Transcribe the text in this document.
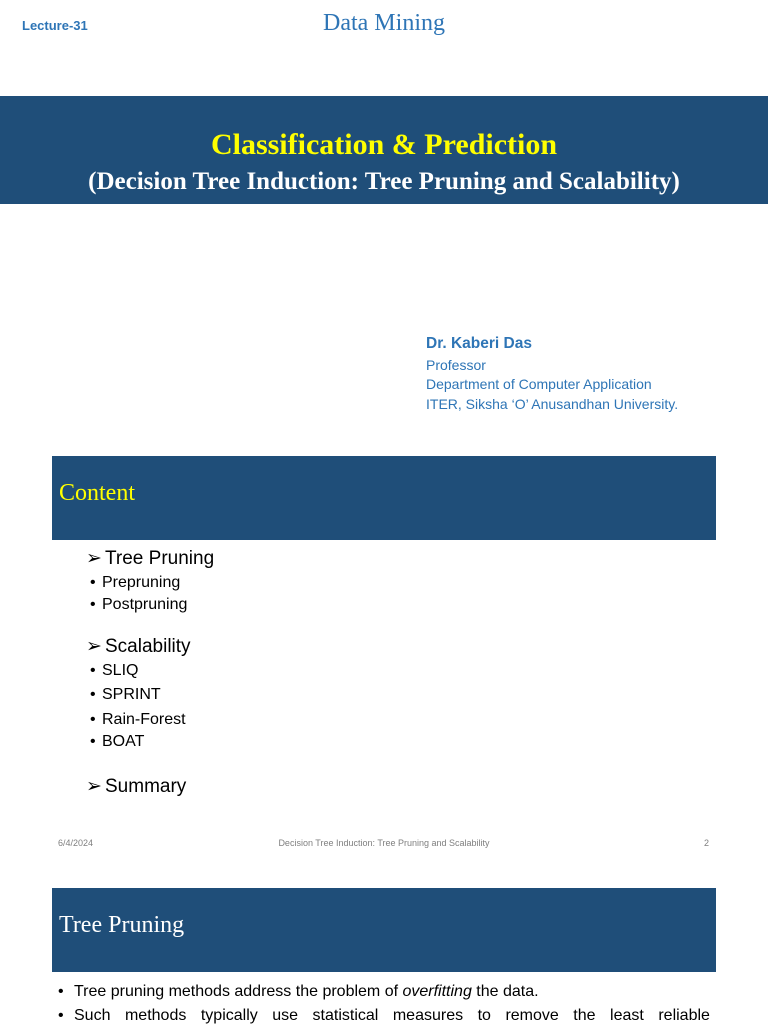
Lecture-31	Data Mining
Classification & Prediction
(Decision Tree Induction: Tree Pruning and Scalability)
Dr. Kaberi Das
Professor
Department of Computer Application
ITER, Siksha ‘O’ Anusandhan University.
Content
➢ Tree Pruning
• Prepruning
• Postpruning
➢ Scalability
• SLIQ
• SPRINT
• Rain-Forest
• BOAT
➢ Summary
6/4/2024	Decision Tree Induction: Tree Pruning and Scalability	2
Tree Pruning
• Tree pruning methods address the problem of overfitting the data.
• Such methods typically use statistical measures to remove the least reliable
